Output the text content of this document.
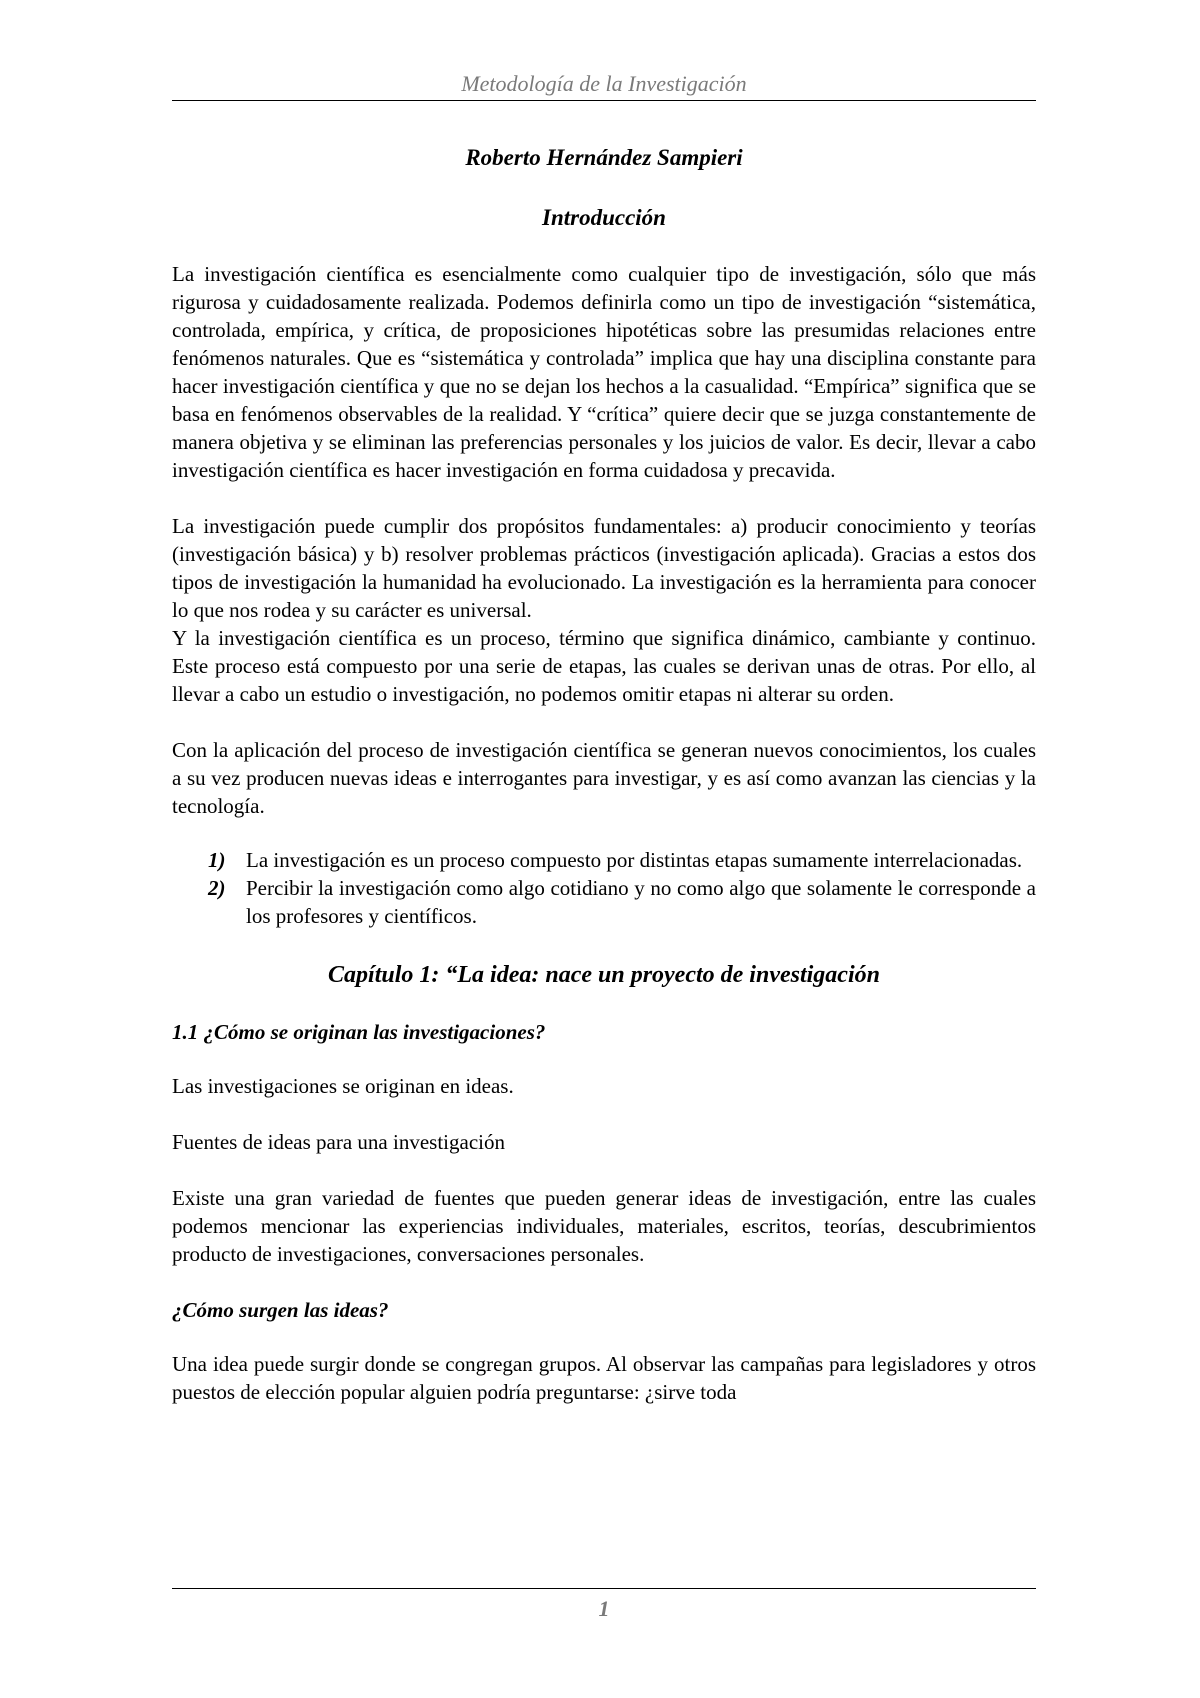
Metodología de la Investigación
Roberto Hernández Sampieri
Introducción

La investigación científica es esencialmente como cualquier tipo de investigación, sólo que más rigurosa y cuidadosamente realizada. Podemos definirla como un tipo de investigación “sistemática, controlada, empírica, y crítica, de proposiciones hipotéticas sobre las presumidas relaciones entre fenómenos naturales. Que es “sistemática y controlada” implica que hay una disciplina constante para hacer investigación científica y que no se dejan los hechos a la casualidad. “Empírica” significa que se basa en fenómenos observables de la realidad. Y “crítica” quiere decir que se juzga constantemente de manera objetiva y se eliminan las preferencias personales y los juicios de valor. Es decir, llevar a cabo investigación científica es hacer investigación en forma cuidadosa y precavida.

La investigación puede cumplir dos propósitos fundamentales: a) producir conocimiento y teorías (investigación básica) y b) resolver problemas prácticos (investigación aplicada). Gracias a estos dos tipos de investigación la humanidad ha evolucionado. La investigación es la herramienta para conocer lo que nos rodea y su carácter es universal.

Y la investigación científica es un proceso, término que significa dinámico, cambiante y continuo. Este proceso está compuesto por una serie de etapas, las cuales se derivan unas de otras. Por ello, al llevar a cabo un estudio o investigación, no podemos omitir etapas ni alterar su orden.

Con la aplicación del proceso de investigación científica se generan nuevos conocimientos, los cuales a su vez producen nuevas ideas e interrogantes para investigar, y es así como avanzan las ciencias y la tecnología.

1) La investigación es un proceso compuesto por distintas etapas sumamente interrelacionadas.
2) Percibir la investigación como algo cotidiano y no como algo que solamente le corresponde a los profesores y científicos.
Capítulo 1: “La idea: nace un proyecto de investigación
1.1 ¿Cómo se originan las investigaciones?

Las investigaciones se originan en ideas.

Fuentes de ideas para una investigación

Existe una gran variedad de fuentes que pueden generar ideas de investigación, entre las cuales podemos mencionar las experiencias individuales, materiales, escritos, teorías, descubrimientos producto de investigaciones, conversaciones personales.

¿Cómo surgen las ideas?

Una idea puede surgir donde se congregan grupos. Al observar las campañas para legisladores y otros puestos de elección popular alguien podría preguntarse: ¿sirve toda

1
